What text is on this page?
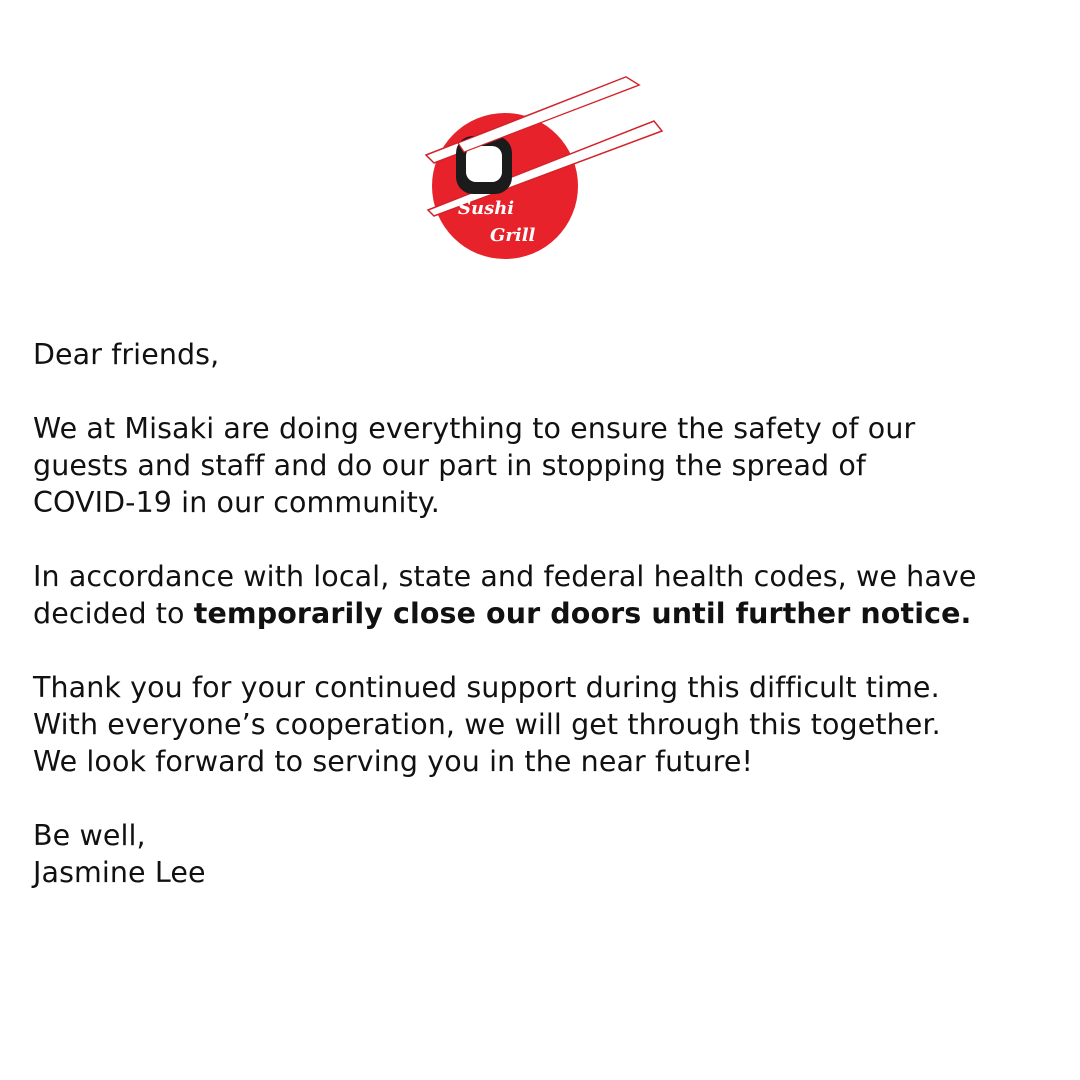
Sushi
Grill

Dear friends,

We at Misaki are doing everything to ensure the safety of our
guests and staff and do our part in stopping the spread of
COVID-19 in our community.

In accordance with local, state and federal health codes, we have
decided to temporarily close our doors until further notice.

Thank you for your continued support during this difficult time.
With everyone’s cooperation, we will get through this together.
We look forward to serving you in the near future!

Be well,
Jasmine Lee
